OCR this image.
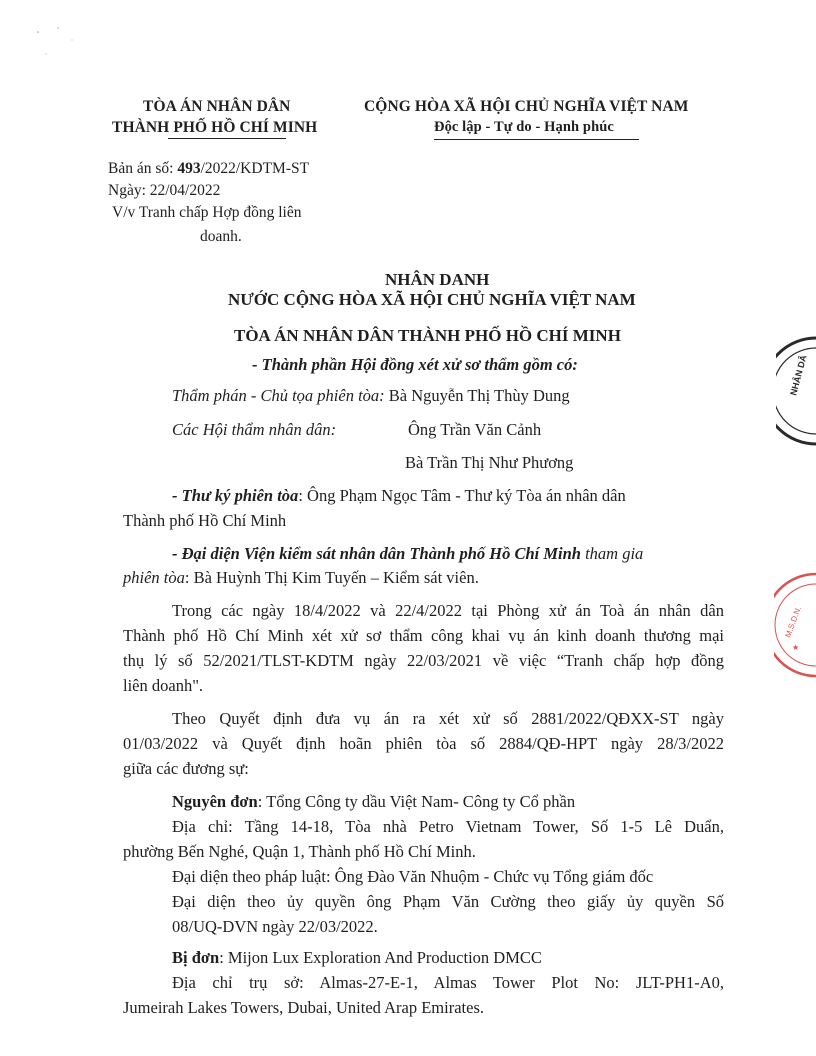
TÒA ÁN NHÂN DÂN
THÀNH PHỐ HỒ CHÍ MINH
CỘNG HÒA XÃ HỘI CHỦ NGHĨA VIỆT NAM
Độc lập - Tự do - Hạnh phúc
Bản án số: 493/2022/KDTM-ST
Ngày: 22/04/2022
V/v Tranh chấp Hợp đồng liên
doanh.
NHÂN DANH
NƯỚC CỘNG HÒA XÃ HỘI CHỦ NGHĨA VIỆT NAM
TÒA ÁN NHÂN DÂN THÀNH PHỐ HỒ CHÍ MINH
- Thành phần Hội đồng xét xử sơ thẩm gồm có:
Thẩm phán - Chủ tọa phiên tòa: Bà Nguyễn Thị Thùy Dung
Các Hội thẩm nhân dân:	Ông Trần Văn Cảnh
Bà Trần Thị Như Phương
- Thư ký phiên tòa: Ông Phạm Ngọc Tâm - Thư ký Tòa án nhân dân
Thành phố Hồ Chí Minh
- Đại diện Viện kiểm sát nhân dân Thành phố Hồ Chí Minh tham gia
phiên tòa: Bà Huỳnh Thị Kim Tuyến – Kiểm sát viên.
Trong các ngày 18/4/2022 và 22/4/2022 tại Phòng xử án Toà án nhân dân
Thành phố Hồ Chí Minh xét xử sơ thẩm công khai vụ án kinh doanh thương mại
thụ lý số 52/2021/TLST-KDTM ngày 22/03/2021 về việc “Tranh chấp hợp đồng
liên doanh".
Theo Quyết định đưa vụ án ra xét xử số 2881/2022/QĐXX-ST ngày
01/03/2022 và Quyết định hoãn phiên tòa số 2884/QĐ-HPT ngày 28/3/2022
giữa các đương sự:
Nguyên đơn: Tổng Công ty dầu Việt Nam- Công ty Cổ phần
Địa chỉ: Tầng 14-18, Tòa nhà Petro Vietnam Tower, Số 1-5 Lê Duẩn,
phường Bến Nghé, Quận 1, Thành phố Hồ Chí Minh.
Đại diện theo pháp luật: Ông Đào Văn Nhuộm - Chức vụ Tổng giám đốc
Đại diện theo ủy quyền ông Phạm Văn Cường theo giấy ủy quyền Số
08/UQ-DVN ngày 22/03/2022.
Bị đơn: Mijon Lux Exploration And Production DMCC
Địa chỉ trụ sở: Almas-27-E-1, Almas Tower Plot No: JLT-PH1-A0,
Jumeirah Lakes Towers, Dubai, United Arap Emirates.
NHÂN DÂ
M.S.D.N.
★
